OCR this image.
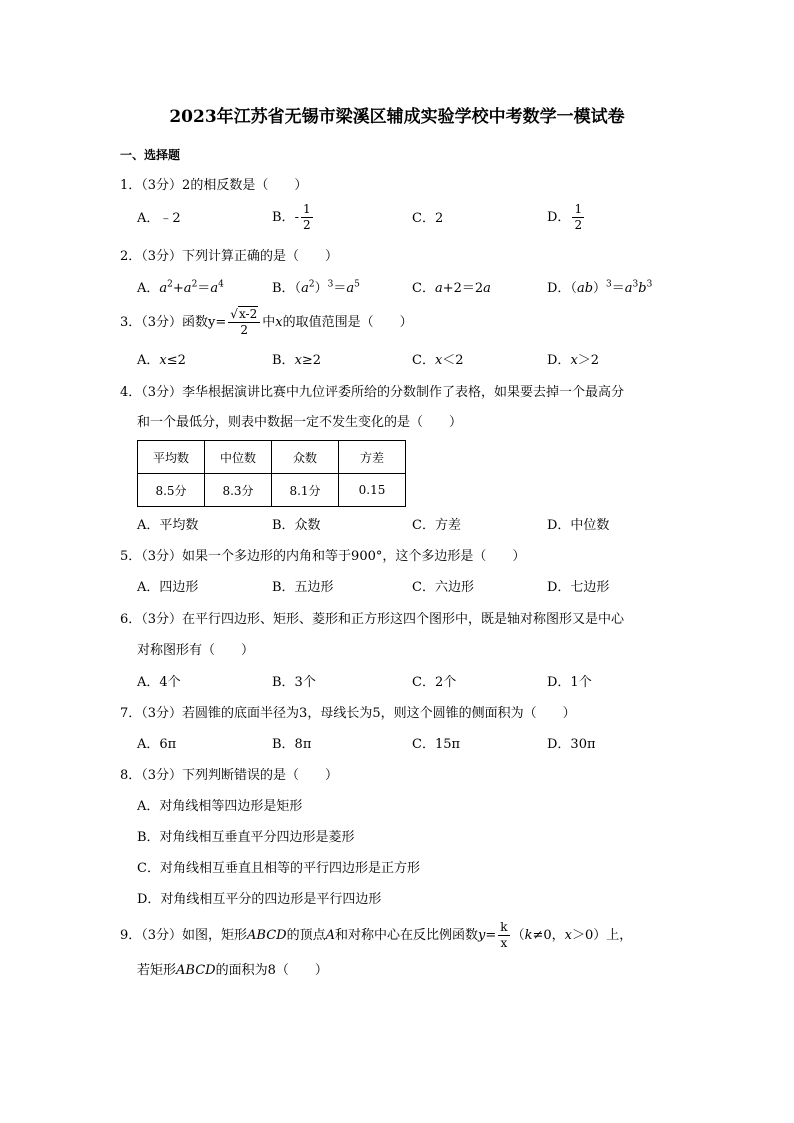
2023年江苏省无锡市梁溪区辅成实验学校中考数学一模试卷
一、选择题
1．（3分）2的相反数是（　　）
A．﹣2	B．- $\frac{1}{2}$	C．2	D． $\frac{1}{2}$
2．（3分）下列计算正确的是（　　）
A．$a^2+a^2=a^4$	B．$(a^2)^3=a^5$	C．a+2＝2a	D．$(ab)^3=a^3b^3$
3．（3分）函数$y= \frac{√x-2}{2}$ 中x的取值范围是（　　）
A．x≤2	B．x≥2	C．x＜2	D．x＞2
4．（3分）李华根据演讲比赛中九位评委所给的分数制作了表格，如果要去掉一个最高分
和一个最低分，则表中数据一定不发生变化的是（　　）
平均数	中位数	众数	方差
8.5分	8.3分	8.1分	0.15
A．平均数	B．众数	C．方差	D．中位数
5．（3分）如果一个多边形的内角和等于900°，这个多边形是（　　）
A．四边形	B．五边形	C．六边形	D．七边形
6．（3分）在平行四边形、矩形、菱形和正方形这四个图形中，既是轴对称图形又是中心
对称图形有（　　）
A．4个	B．3个	C．2个	D．1个
7．（3分）若圆锥的底面半径为3，母线长为5，则这个圆锥的侧面积为（　　）
A．6π	B．8π	C．15π	D．30π
8．（3分）下列判断错误的是（　　）
A．对角线相等四边形是矩形
B．对角线相互垂直平分四边形是菱形
C．对角线相互垂直且相等的平行四边形是正方形
D．对角线相互平分的四边形是平行四边形
9．（3分）如图，矩形ABCD的顶点A和对称中心在反比例函数$y= \frac{k}{x} (k\ne 0$，x＞0）上，
若矩形ABCD的面积为8（　　）
